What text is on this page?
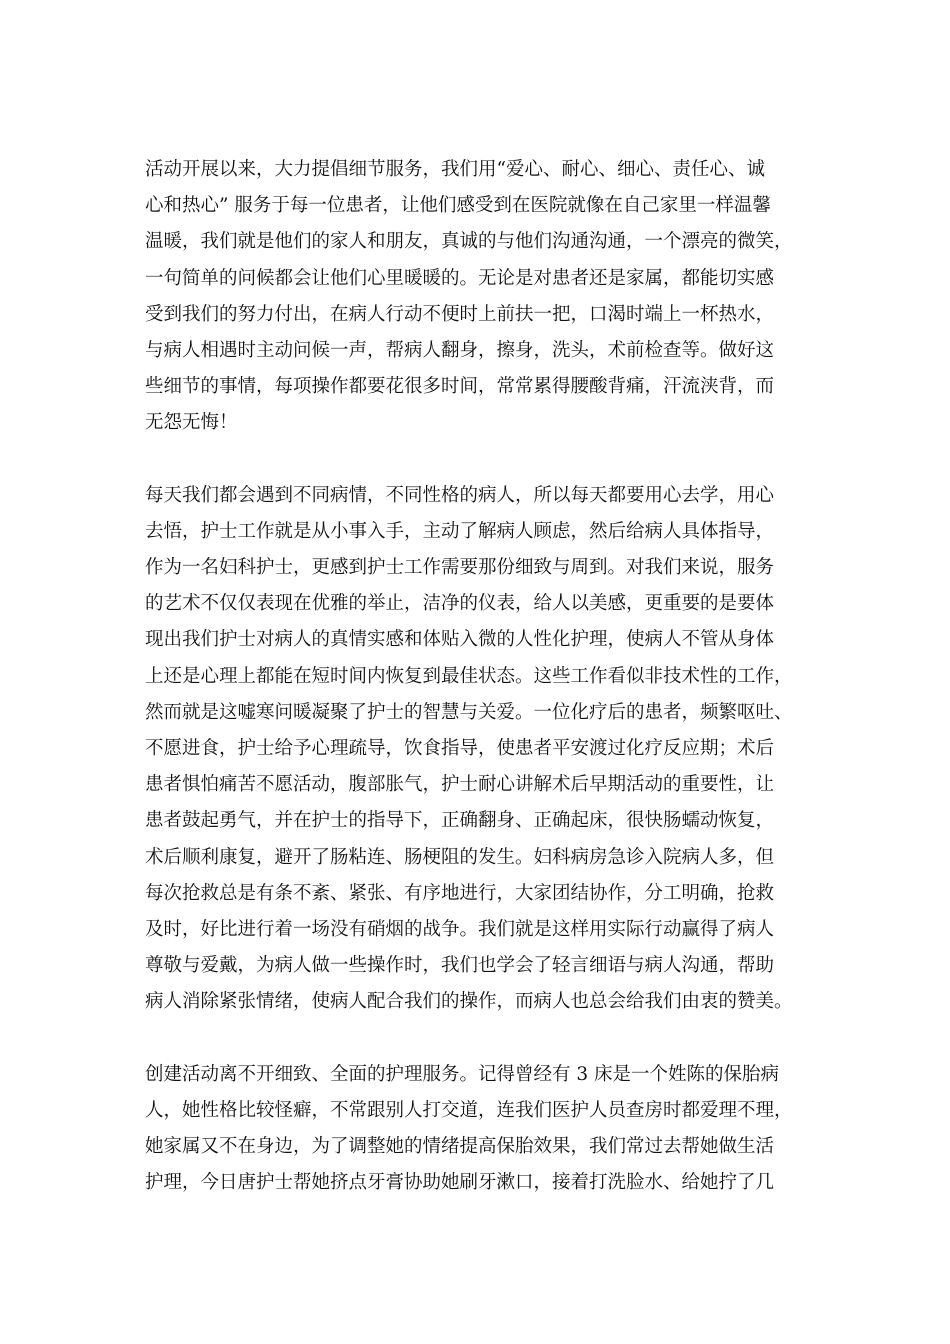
活动开展以来，大力提倡细节服务，我们用“爱心、耐心、细心、责任心、诚
心和热心” 服务于每一位患者，让他们感受到在医院就像在自己家里一样温馨
温暖，我们就是他们的家人和朋友，真诚的与他们沟通沟通，一个漂亮的微笑，
一句简单的问候都会让他们心里暖暖的。无论是对患者还是家属，都能切实感
受到我们的努力付出，在病人行动不便时上前扶一把，口渴时端上一杯热水，
与病人相遇时主动问候一声，帮病人翻身，擦身，洗头，术前检查等。做好这
些细节的事情，每项操作都要花很多时间，常常累得腰酸背痛，汗流浃背，而
无怨无悔！
每天我们都会遇到不同病情，不同性格的病人，所以每天都要用心去学，用心
去悟，护士工作就是从小事入手，主动了解病人顾虑，然后给病人具体指导，
作为一名妇科护士，更感到护士工作需要那份细致与周到。对我们来说，服务
的艺术不仅仅表现在优雅的举止，洁净的仪表，给人以美感，更重要的是要体
现出我们护士对病人的真情实感和体贴入微的人性化护理，使病人不管从身体
上还是心理上都能在短时间内恢复到最佳状态。这些工作看似非技术性的工作，
然而就是这嘘寒问暖凝聚了护士的智慧与关爱。一位化疗后的患者，频繁呕吐、
不愿进食，护士给予心理疏导，饮食指导，使患者平安渡过化疗反应期；术后
患者惧怕痛苦不愿活动，腹部胀气，护士耐心讲解术后早期活动的重要性，让
患者鼓起勇气，并在护士的指导下，正确翻身、正确起床，很快肠蠕动恢复，
术后顺利康复，避开了肠粘连、肠梗阻的发生。妇科病房急诊入院病人多，但
每次抢救总是有条不紊、紧张、有序地进行，大家团结协作，分工明确，抢救
及时，好比进行着一场没有硝烟的战争。我们就是这样用实际行动赢得了病人
尊敬与爱戴，为病人做一些操作时，我们也学会了轻言细语与病人沟通，帮助
病人消除紧张情绪，使病人配合我们的操作，而病人也总会给我们由衷的赞美。
创建活动离不开细致、全面的护理服务。记得曾经有 3 床是一个姓陈的保胎病
人，她性格比较怪癖，不常跟别人打交道，连我们医护人员查房时都爱理不理，
她家属又不在身边，为了调整她的情绪提高保胎效果，我们常过去帮她做生活
护理，今日唐护士帮她挤点牙膏协助她刷牙漱口，接着打洗脸水、给她拧了几
